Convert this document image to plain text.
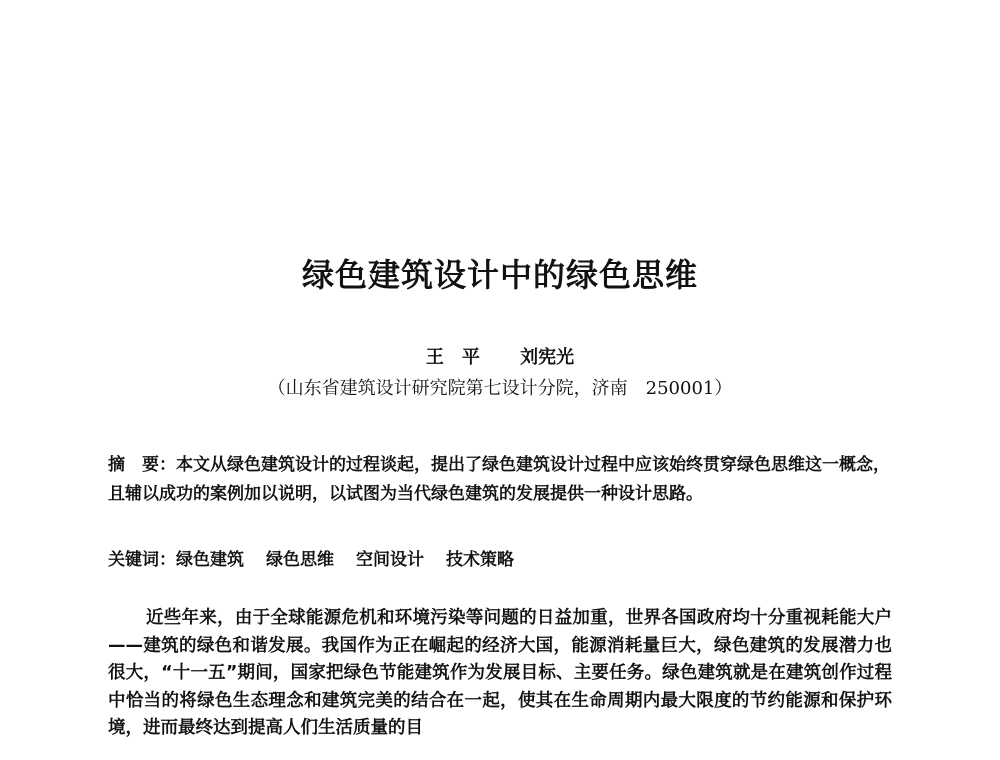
绿色建筑设计中的绿色思维
王　平 刘宪光
（山东省建筑设计研究院第七设计分院，济南　250001）
摘　要：本文从绿色建筑设计的过程谈起，提出了绿色建筑设计过程中应该始终贯穿绿色思维这一概念，且辅以成功的案例加以说明，以试图为当代绿色建筑的发展提供一种设计思路。
关键词：绿色建筑 绿色思维 空间设计 技术策略
近些年来，由于全球能源危机和环境污染等问题的日益加重，世界各国政府均十分重视耗能大户——建筑的绿色和谐发展。我国作为正在崛起的经济大国，能源消耗量巨大，绿色建筑的发展潜力也很大，“十一五”期间，国家把绿色节能建筑作为发展目标、主要任务。绿色建筑就是在建筑创作过程中恰当的将绿色生态理念和建筑完美的结合在一起，使其在生命周期内最大限度的节约能源和保护环境，进而最终达到提高人们生活质量的目
